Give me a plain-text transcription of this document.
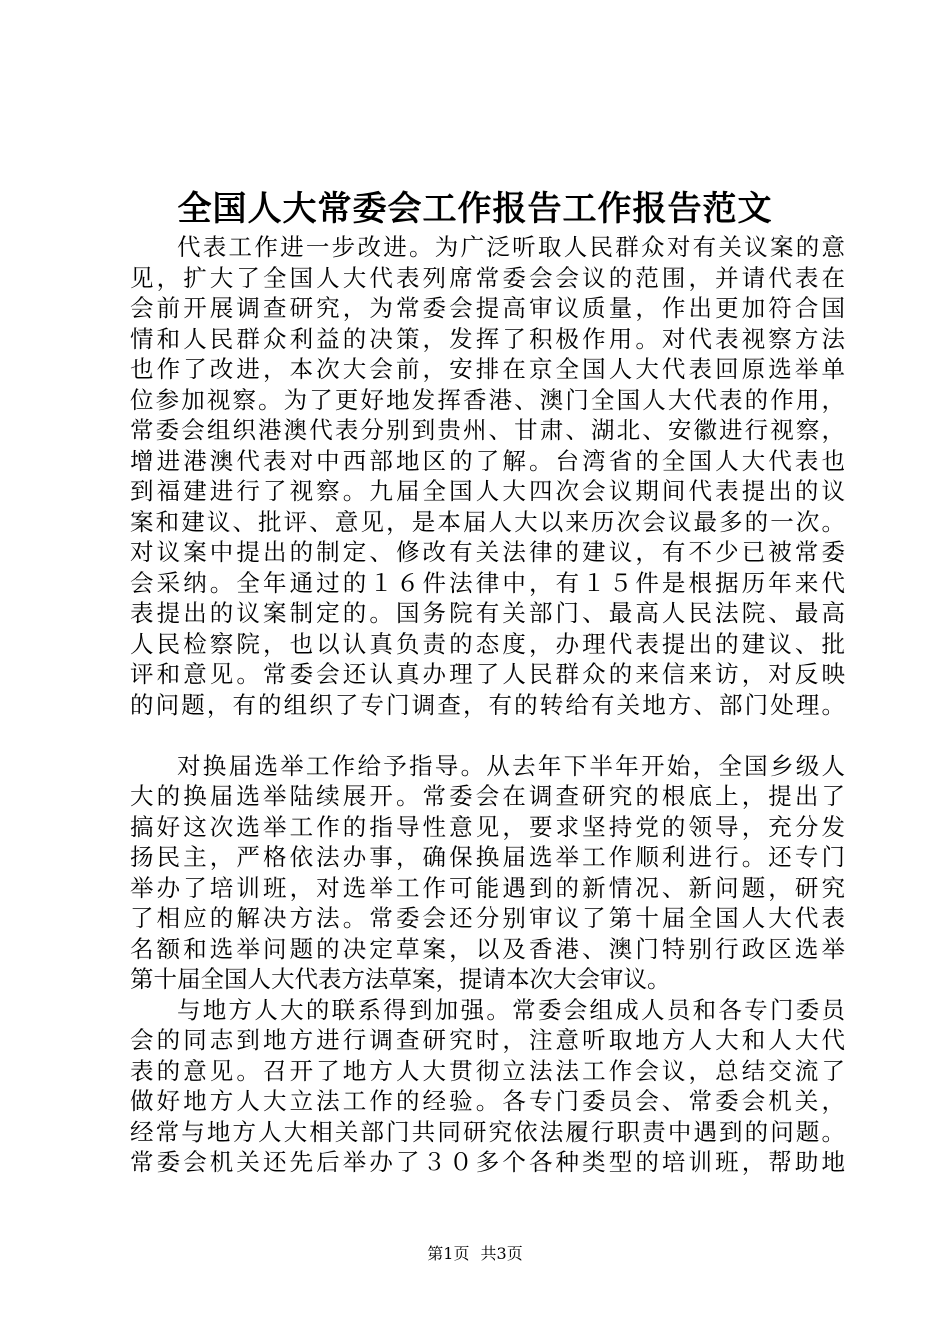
全国人大常委会工作报告工作报告范文
代表工作进一步改进。为广泛听取人民群众对有关议案的意
见，扩大了全国人大代表列席常委会会议的范围，并请代表在
会前开展调查研究，为常委会提高审议质量，作出更加符合国
情和人民群众利益的决策，发挥了积极作用。对代表视察方法
也作了改进，本次大会前，安排在京全国人大代表回原选举单
位参加视察。为了更好地发挥香港、澳门全国人大代表的作用，
常委会组织港澳代表分别到贵州、甘肃、湖北、安徽进行视察，
增进港澳代表对中西部地区的了解。台湾省的全国人大代表也
到福建进行了视察。九届全国人大四次会议期间代表提出的议
案和建议、批评、意见，是本届人大以来历次会议最多的一次。
对议案中提出的制定、修改有关法律的建议，有不少已被常委
会采纳。全年通过的１６件法律中，有１５件是根据历年来代
表提出的议案制定的。国务院有关部门、最高人民法院、最高
人民检察院，也以认真负责的态度，办理代表提出的建议、批
评和意见。常委会还认真办理了人民群众的来信来访，对反映
的问题，有的组织了专门调查，有的转给有关地方、部门处理。
对换届选举工作给予指导。从去年下半年开始，全国乡级人
大的换届选举陆续展开。常委会在调查研究的根底上，提出了
搞好这次选举工作的指导性意见，要求坚持党的领导，充分发
扬民主，严格依法办事，确保换届选举工作顺利进行。还专门
举办了培训班，对选举工作可能遇到的新情况、新问题，研究
了相应的解决方法。常委会还分别审议了第十届全国人大代表
名额和选举问题的决定草案，以及香港、澳门特别行政区选举
第十届全国人大代表方法草案，提请本次大会审议。
与地方人大的联系得到加强。常委会组成人员和各专门委员
会的同志到地方进行调查研究时，注意听取地方人大和人大代
表的意见。召开了地方人大贯彻立法法工作会议，总结交流了
做好地方人大立法工作的经验。各专门委员会、常委会机关，
经常与地方人大相关部门共同研究依法履行职责中遇到的问题。
常委会机关还先后举办了３０多个各种类型的培训班，帮助地
第1页 共3页
